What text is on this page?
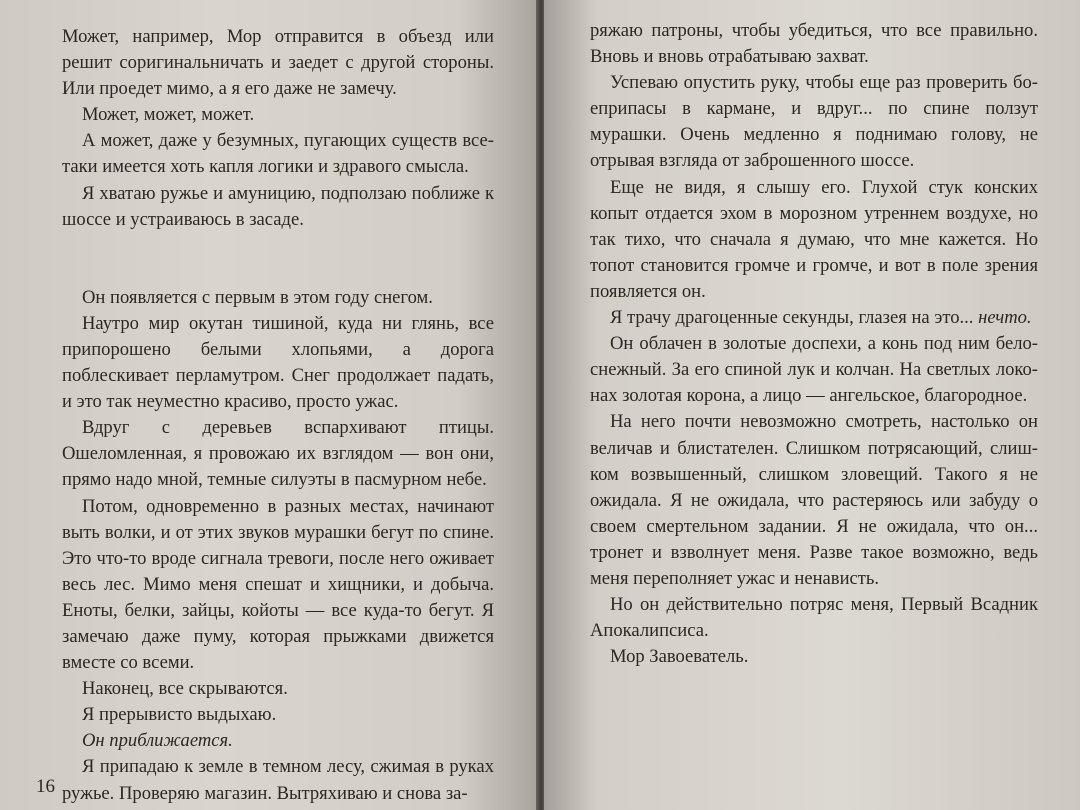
Может, например, Мор отправится в объезд или решит соригинальничать и заедет с другой стороны. Или проедет мимо, а я его даже не замечу.

Может, может, может.

А может, даже у безумных, пугающих существ все-таки имеется хоть капля логики и здравого смысла.

Я хватаю ружье и амуницию, подползаю поближе к шоссе и устраиваюсь в засаде.

Он появляется с первым в этом году снегом.

Наутро мир окутан тишиной, куда ни глянь, все припорошено белыми хлопьями, а дорога поблескивает перламутром. Снег продолжает падать, и это так неуместно красиво, просто ужас.

Вдруг с деревьев вспархивают птицы. Ошеломленная, я провожаю их взглядом — вон они, прямо надо мной, темные силуэты в пасмурном небе.

Потом, одновременно в разных местах, начинают выть волки, и от этих звуков мурашки бегут по спине. Это что-то вроде сигнала тревоги, после него оживает весь лес. Мимо меня спешат и хищники, и добыча. Еноты, белки, зайцы, койоты — все куда-то бегут. Я замечаю даже пуму, которая прыжками движется вместе со всеми.

Наконец, все скрываются.

Я прерывисто выдыхаю.

Он приближается.

Я припадаю к земле в темном лесу, сжимая в руках ружье. Проверяю магазин. Вытряхиваю и снова за-

16

ряжаю патроны, чтобы убедиться, что все правильно. Вновь и вновь отрабатываю захват.

Успеваю опустить руку, чтобы еще раз проверить боеприпасы в кармане, и вдруг... по спине ползут мурашки. Очень медленно я поднимаю голову, не отрывая взгляда от заброшенного шоссе.

Еще не видя, я слышу его. Глухой стук конских копыт отдается эхом в морозном утреннем воздухе, но так тихо, что сначала я думаю, что мне кажется. Но топот становится громче и громче, и вот в поле зрения появляется он.

Я трачу драгоценные секунды, глазея на это... нечто.

Он облачен в золотые доспехи, а конь под ним белоснежный. За его спиной лук и колчан. На светлых локонах золотая корона, а лицо — ангельское, благородное.

На него почти невозможно смотреть, настолько он величав и блистателен. Слишком потрясающий, слишком возвышенный, слишком зловещий. Такого я не ожидала. Я не ожидала, что растеряюсь или забуду о своем смертельном задании. Я не ожидала, что он... тронет и взволнует меня. Разве такое возможно, ведь меня переполняет ужас и ненависть.

Но он действительно потряс меня, Первый Всадник Апокалипсиса.

Мор Завоеватель.
